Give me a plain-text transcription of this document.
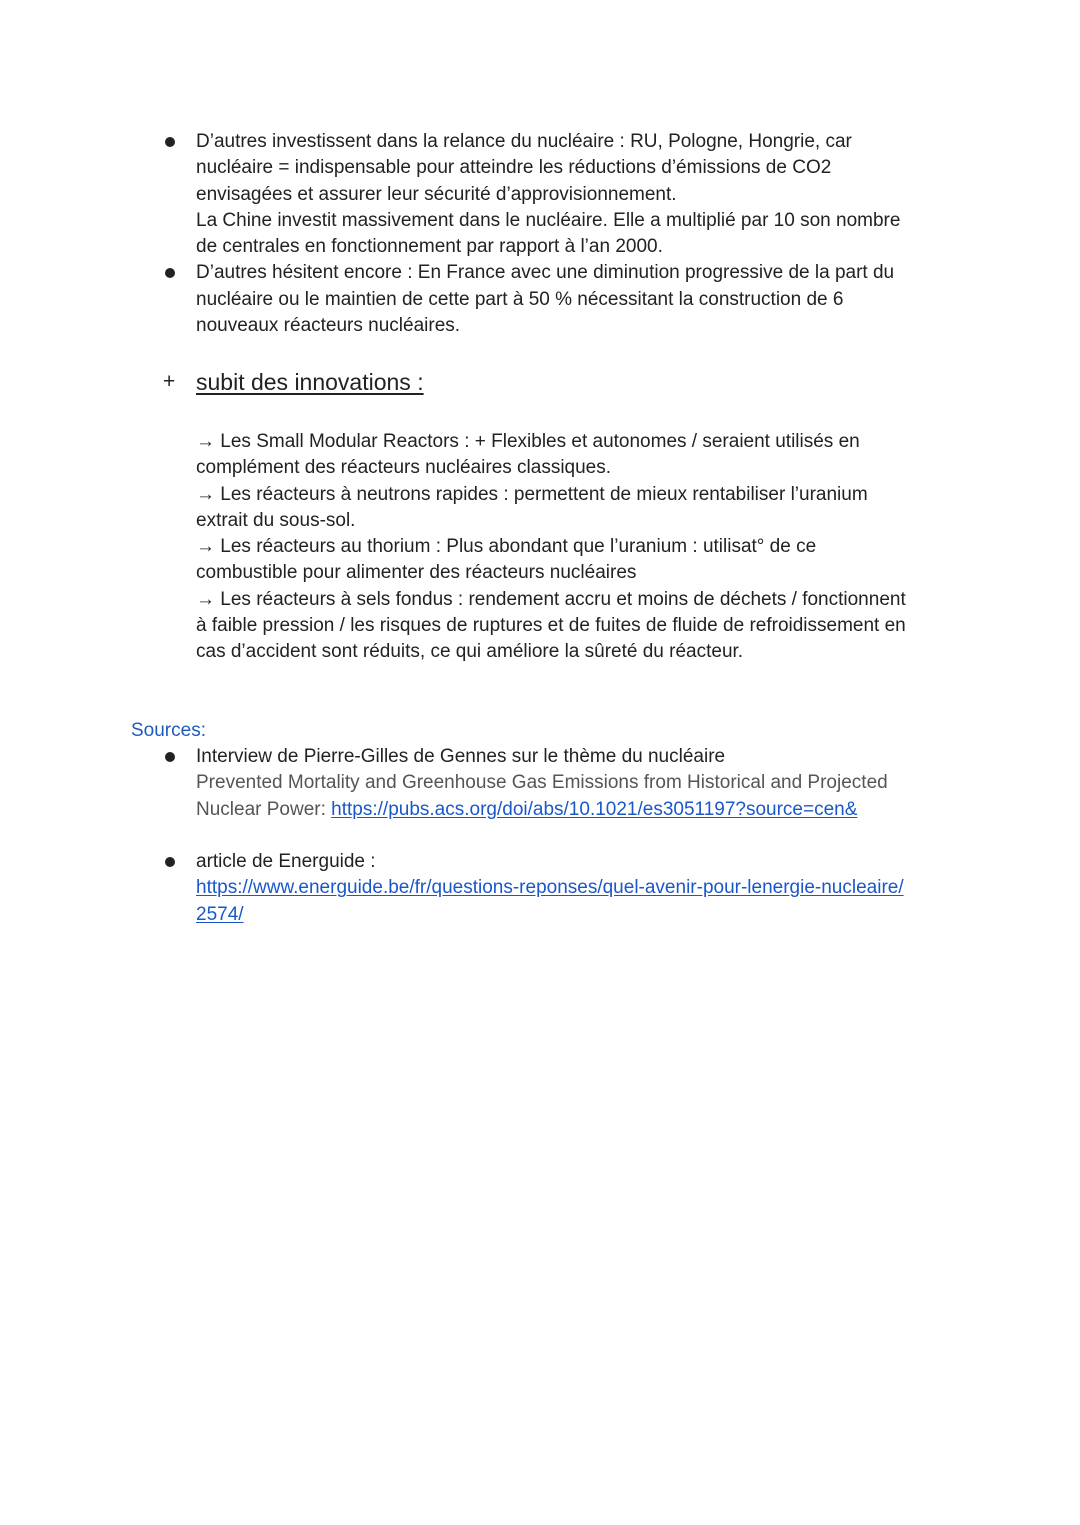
D’autres investissent dans la relance du nucléaire : RU, Pologne, Hongrie, car
nucléaire = indispensable pour atteindre les réductions d’émissions de CO2
envisagées et assurer leur sécurité d’approvisionnement.
La Chine investit massivement dans le nucléaire. Elle a multiplié par 10 son nombre
de centrales en fonctionnement par rapport à l’an 2000.
D’autres hésitent encore : En France avec une diminution progressive de la part du
nucléaire ou le maintien de cette part à 50 % nécessitant la construction de 6
nouveaux réacteurs nucléaires.
+ subit des innovations :
→ Les Small Modular Reactors : + Flexibles et autonomes / seraient utilisés en
complément des réacteurs nucléaires classiques.
→ Les réacteurs à neutrons rapides : permettent de mieux rentabiliser l’uranium
extrait du sous-sol.
→ Les réacteurs au thorium : Plus abondant que l’uranium : utilisat° de ce
combustible pour alimenter des réacteurs nucléaires
→ Les réacteurs à sels fondus : rendement accru et moins de déchets / fonctionnent
à faible pression / les risques de ruptures et de fuites de fluide de refroidissement en
cas d’accident sont réduits, ce qui améliore la sûreté du réacteur.
Sources:
Interview de Pierre-Gilles de Gennes sur le thème du nucléaire
Prevented Mortality and Greenhouse Gas Emissions from Historical and Projected
Nuclear Power: https://pubs.acs.org/doi/abs/10.1021/es3051197?source=cen&
article de Energuide :
https://www.energuide.be/fr/questions-reponses/quel-avenir-pour-lenergie-nucleaire/
2574/
